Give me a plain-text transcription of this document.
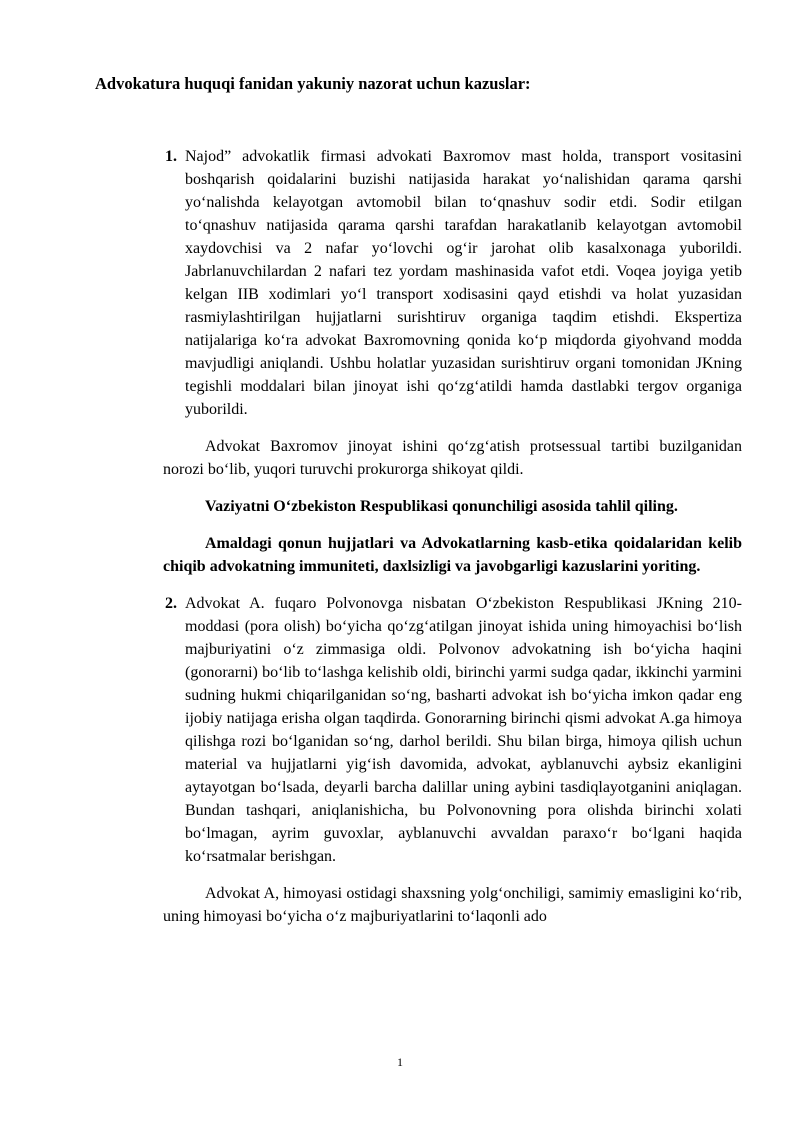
Advokatura huquqi fanidan yakuniy nazorat uchun kazuslar:

1. Najod” advokatlik firmasi advokati Baxromov mast holda, transport vositasini boshqarish qoidalarini buzishi natijasida harakat yoʻnalishidan qarama qarshi yoʻnalishda kelayotgan avtomobil bilan toʻqnashuv sodir etdi. Sodir etilgan toʻqnashuv natijasida qarama qarshi tarafdan harakatlanib kelayotgan avtomobil xaydovchisi va 2 nafar yoʻlovchi ogʻir jarohat olib kasalxonaga yuborildi. Jabrlanuvchilardan 2 nafari tez yordam mashinasida vafot etdi. Voqea joyiga yetib kelgan IIB xodimlari yoʻl transport xodisasini qayd etishdi va holat yuzasidan rasmiylashtirilgan hujjatlarni surishtiruv organiga taqdim etishdi. Ekspertiza natijalariga koʻra advokat Baxromovning qonida koʻp miqdorda giyohvand modda mavjudligi aniqlandi. Ushbu holatlar yuzasidan surishtiruv organi tomonidan JKning tegishli moddalari bilan jinoyat ishi qoʻzgʻatildi hamda dastlabki tergov organiga yuborildi.

Advokat Baxromov jinoyat ishini qoʻzgʻatish protsessual tartibi buzilganidan norozi boʻlib, yuqori turuvchi prokurorga shikoyat qildi.

Vaziyatni Oʻzbekiston Respublikasi qonunchiligi asosida tahlil qiling.

Amaldagi qonun hujjatlari va Advokatlarning kasb-etika qoidalaridan kelib chiqib advokatning immuniteti, daxlsizligi va javobgarligi kazuslarini yoriting.

2. Advokat A. fuqaro Polvonovga nisbatan Oʻzbekiston Respublikasi JKning 210-moddasi (pora olish) boʻyicha qoʻzgʻatilgan jinoyat ishida uning himoyachisi boʻlish majburiyatini oʻz zimmasiga oldi. Polvonov advokatning ish boʻyicha haqini (gonorarni) boʻlib toʻlashga kelishib oldi, birinchi yarmi sudga qadar, ikkinchi yarmini sudning hukmi chiqarilganidan soʻng, basharti advokat ish boʻyicha imkon qadar eng ijobiy natijaga erisha olgan taqdirda. Gonorarning birinchi qismi advokat A.ga himoya qilishga rozi boʻlganidan soʻng, darhol berildi. Shu bilan birga, himoya qilish uchun material va hujjatlarni yigʻish davomida, advokat, ayblanuvchi aybsiz ekanligini aytayotgan boʻlsada, deyarli barcha dalillar uning aybini tasdiqlayotganini aniqlagan. Bundan tashqari, aniqlanishicha, bu Polvonovning pora olishda birinchi xolati boʻlmagan, ayrim guvoxlar, ayblanuvchi avvaldan paraxoʻr boʻlgani haqida koʻrsatmalar berishgan.

Advokat A, himoyasi ostidagi shaxsning yolgʻonchiligi, samimiy emasligini koʻrib, uning himoyasi boʻyicha oʻz majburiyatlarini toʻlaqonli ado

1
